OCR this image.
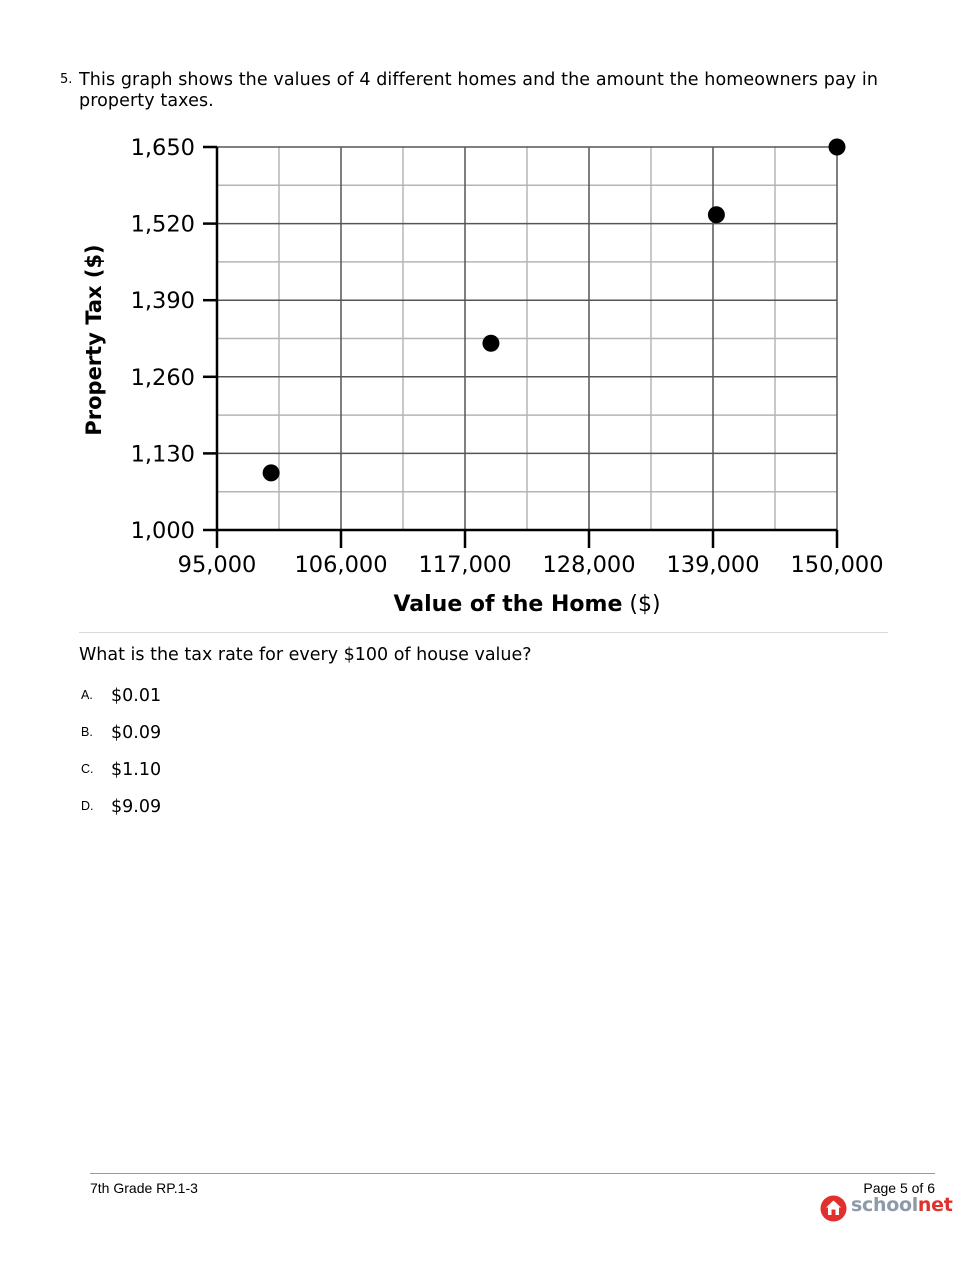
5. This graph shows the values of 4 different homes and the amount the homeowners pay in property taxes.
95,000 106,000 117,000 128,000 139,000 150,000
1,000
1,130
1,260
1,390
1,520
1,650
Value of the Home ($)
Property Tax ($)
What is the tax rate for every $100 of house value?
A. $0.01
B. $0.09
C. $1.10
D. $9.09
7th Grade RP.1-3	Page 5 of 6
schoolnet
